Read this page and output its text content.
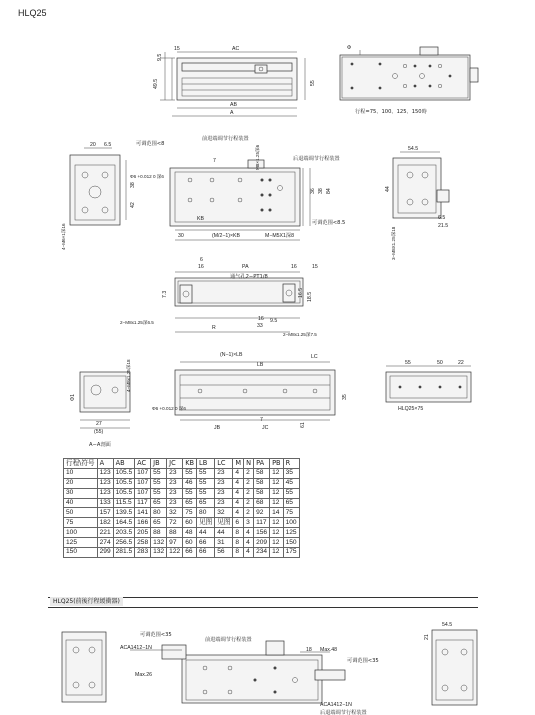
HLQ25
15	AC
9.5
49.5	55
AB
A	行程=75、100、125、150時
Φ
20 6.5
38
42
4−M6×1深16
前进端调节行程装置
可调范围<8
后退端调节行程装置
Φ6 +0.012 0 深6
7	M8×1.25深6
KB
30	(M/2−1)×KB	M−M5X1深8
可调范围<8.5
38 84
36
54.5
44
6.5
21.5
3−M8X1.25深18
6
16	PA	16	15
通气孔2−PT1/8
18.5
7.3	16.5
2−M8x1.25深6.5
2−M8x1.25深7.5
33
9.5
16
R
4−M8x1.25深18
Φ1
27
(55)
A−A剖面
(N−1)×LB
LB
LC
35
Φ6 +0.012 0 深6
JB	JC
7
61
55	50	22
HLQ25×75
可调范围<35
前进端调节行程装置
ACA1412−1N
Max.26
18 Max.48
可调范围<35
ACA1412−1N
后退端调节行程装置
54.5
21
行程\符号	A	AB	AC	JB	JC	KB	LB	LC	M	N	PA	PB	R
10	123	105.5	107	55	23	55	55	23	4	2	58	12	35
20	123	105.5	107	55	23	46	55	23	4	2	58	12	45
30	123	105.5	107	55	23	55	55	23	4	2	58	12	55
40	133	115.5	117	65	23	65	65	23	4	2	68	12	65
50	157	139.5	141	80	32	75	80	32	4	2	92	14	75
75	182	164.5	166	65	72	60	见图	见图	6	3	117	12	100
100	221	203.5	205	88	88	48	44	44	8	4	156	12	125
125	274	256.5	258	132	97	60	66	31	8	4	209	12	150
150	299	281.5	283	132	122	66	66	56	8	4	234	12	175
HLQ25(前後行程緩衝器)
